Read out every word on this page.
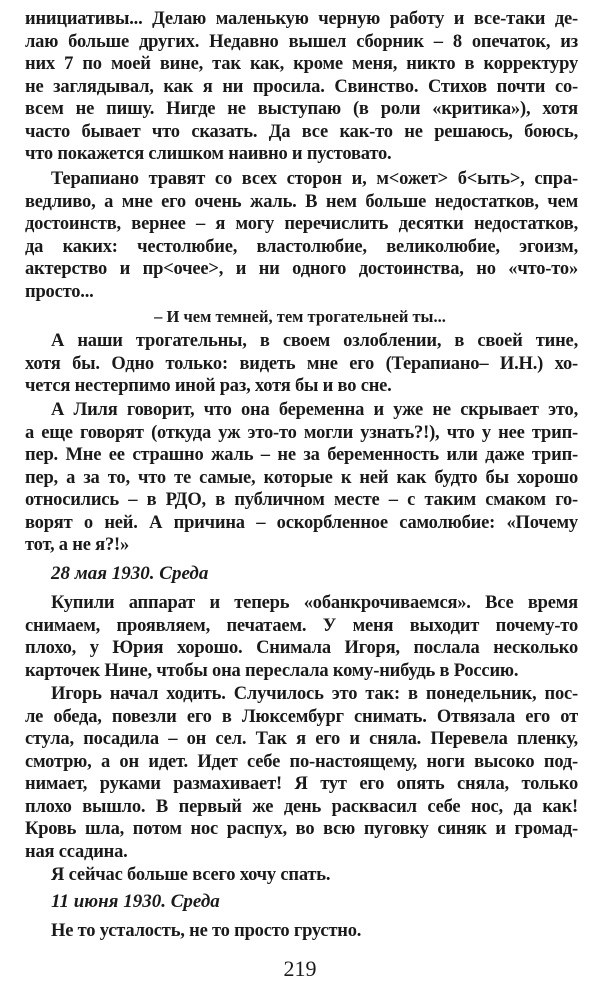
инициативы... Делаю маленькую черную работу и все-таки де-
лаю больше других. Недавно вышел сборник – 8 опечаток, из
них 7 по моей вине, так как, кроме меня, никто в корректуру
не заглядывал, как я ни просила. Свинство. Стихов почти со-
всем не пишу. Нигде не выступаю (в роли «критика»), хотя
часто бывает что сказать. Да все как-то не решаюсь, боюсь,
что покажется слишком наивно и пустовато.
Терапиано травят со всех сторон и, м<ожет> б<ыть>, спра-
ведливо, а мне его очень жаль. В нем больше недостатков, чем
достоинств, вернее – я могу перечислить десятки недостатков,
да каких: честолюбие, властолюбие, великолюбие, эгоизм,
актерство и пр<очее>, и ни одного достоинства, но «что-то»
просто...
– И чем темней, тем трогательней ты...
А наши трогательны, в своем озлоблении, в своей тине,
хотя бы. Одно только: видеть мне его (Терапиано– И.Н.) хо-
чется нестерпимо иной раз, хотя бы и во сне.
А Лиля говорит, что она беременна и уже не скрывает это,
а еще говорят (откуда уж это-то могли узнать?!), что у нее трип-
пер. Мне ее страшно жаль – не за беременность или даже трип-
пер, а за то, что те самые, которые к ней как будто бы хорошо
относились – в РДО, в публичном месте – с таким смаком го-
ворят о ней. А причина – оскорбленное самолюбие: «Почему
тот, а не я?!»
28 мая 1930. Среда
Купили аппарат и теперь «обанкрочиваемся». Все время
снимаем, проявляем, печатаем. У меня выходит почему-то
плохо, у Юрия хорошо. Снимала Игоря, послала несколько
карточек Нине, чтобы она переслала кому-нибудь в Россию.
Игорь начал ходить. Случилось это так: в понедельник, пос-
ле обеда, повезли его в Люксембург снимать. Отвязала его от
стула, посадила – он сел. Так я его и сняла. Перевела пленку,
смотрю, а он идет. Идет себе по-настоящему, ноги высоко под-
нимает, руками размахивает! Я тут его опять сняла, только
плохо вышло. В первый же день расквасил себе нос, да как!
Кровь шла, потом нос распух, во всю пуговку синяк и громад-
ная ссадина.
Я сейчас больше всего хочу спать.
11 июня 1930. Среда
Не то усталость, не то просто грустно.
219
